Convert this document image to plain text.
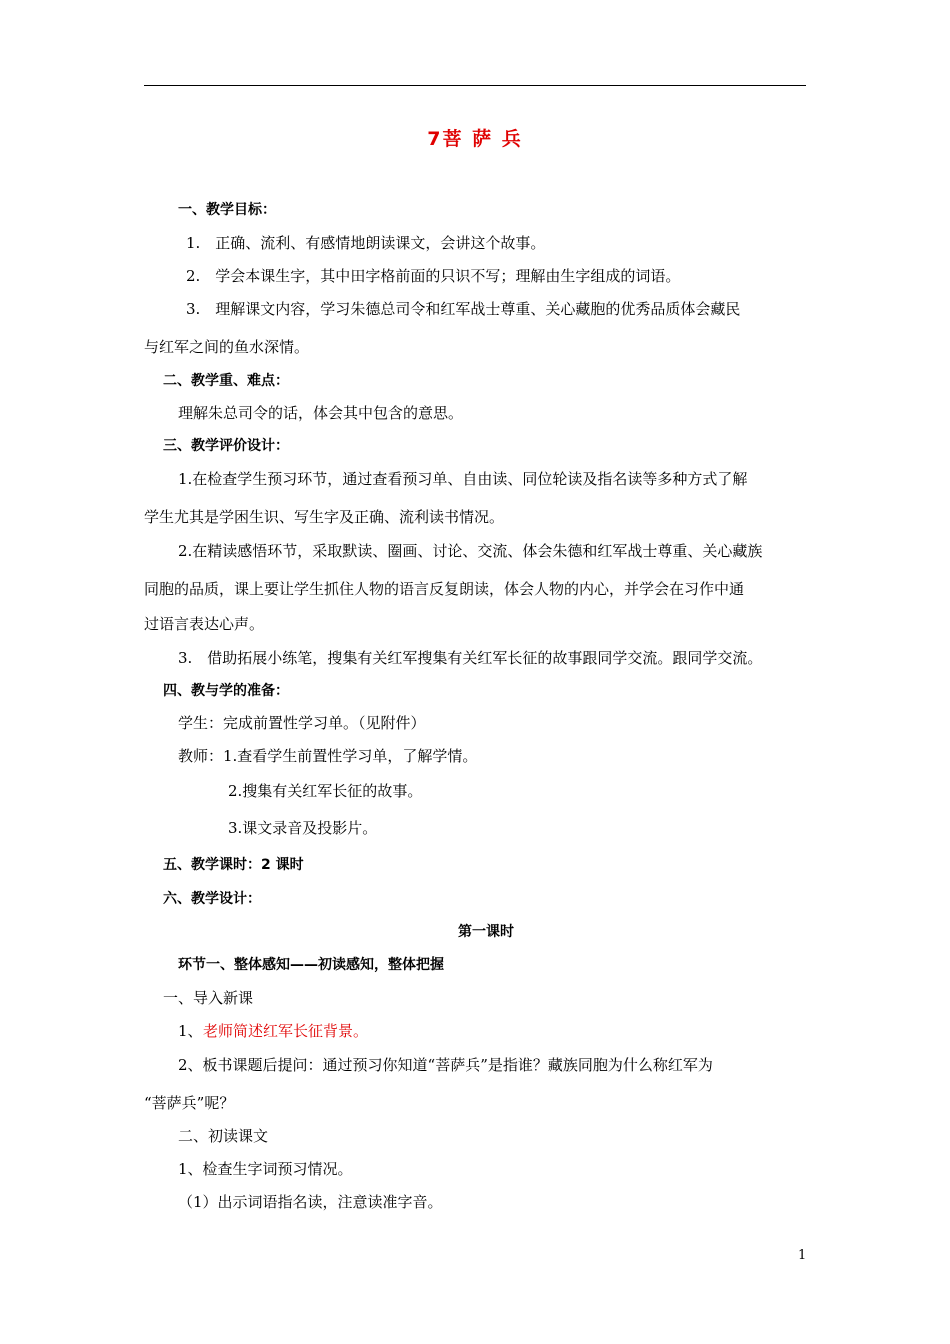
7菩 萨 兵
一、教学目标：
1.　正确、流利、有感情地朗读课文，会讲这个故事。
2.　学会本课生字，其中田字格前面的只识不写；理解由生字组成的词语。
3.　理解课文内容，学习朱德总司令和红军战士尊重、关心藏胞的优秀品质体会藏民
与红军之间的鱼水深情。
二、教学重、难点：
理解朱总司令的话，体会其中包含的意思。
三、教学评价设计：
1.在检查学生预习环节，通过查看预习单、自由读、同位轮读及指名读等多种方式了解
学生尤其是学困生识、写生字及正确、流利读书情况。
2.在精读感悟环节，采取默读、圈画、讨论、交流、体会朱德和红军战士尊重、关心藏族
同胞的品质，课上要让学生抓住人物的语言反复朗读，体会人物的内心，并学会在习作中通
过语言表达心声。
3.　借助拓展小练笔，搜集有关红军搜集有关红军长征的故事跟同学交流。跟同学交流。
四、教与学的准备：
学生：完成前置性学习单。（见附件）
教师：1.查看学生前置性学习单，了解学情。
2.搜集有关红军长征的故事。
3.课文录音及投影片。
五、教学课时：2 课时
六、教学设计：
第一课时
环节一、整体感知——初读感知，整体把握
一、导入新课
1、 老师简述红军长征背景。
2、板书课题后提问：通过预习你知道“菩萨兵”是指谁？藏族同胞为什么称红军为
“菩萨兵”呢？
二、初读课文
1、检查生字词预习情况。
（1）出示词语指名读，注意读准字音。
1
